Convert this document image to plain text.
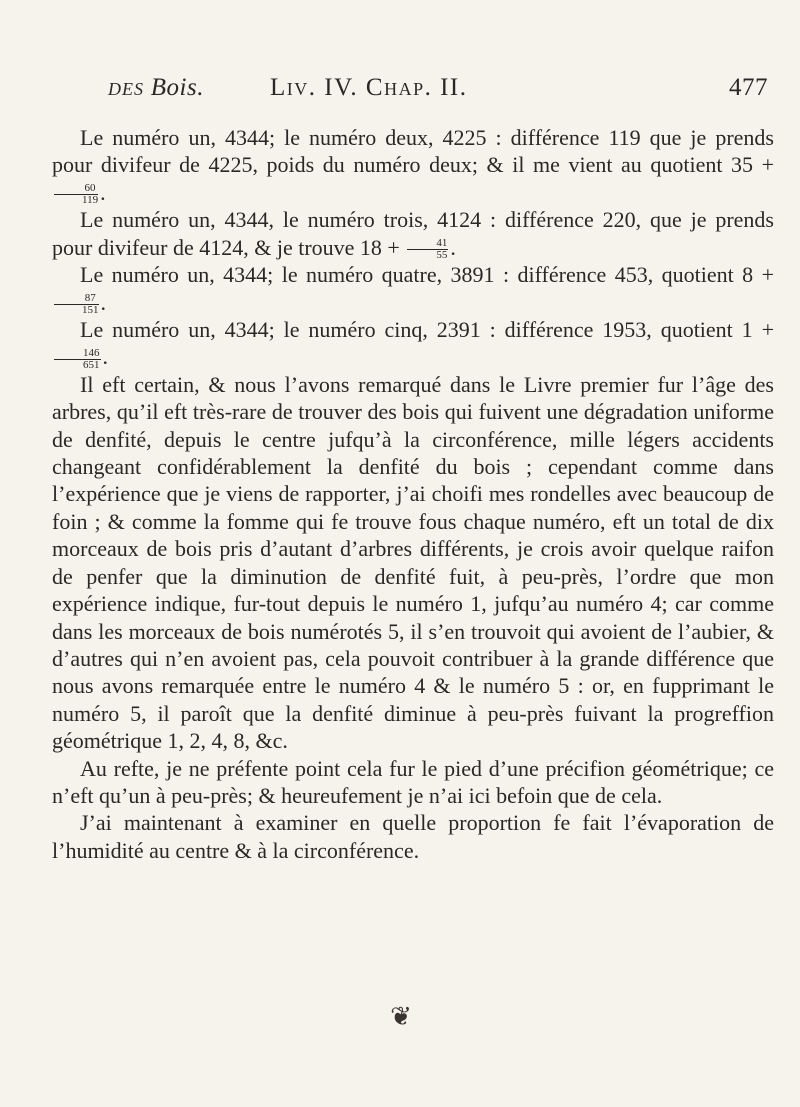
DES Bois.	Liv. IV. Chap. II.	477

Le numéro un, 4344; le numéro deux, 4225 : différence 119 que je prends pour divifeur de 4225, poids du numéro deux; & il me vient au quotient 35 +
$\frac{60}{119}$ .

Le numéro un, 4344, le numéro trois, 4124 : différence 220, que je prends pour divifeur de 4124, & je trouve $18 + \frac{41}{55}$ .

Le numéro un, 4344; le numéro quatre, 3891 : différence 453, quotient 8 +
$\frac{87}{151}$ .

Le numéro un, 4344; le numéro cinq, 2391 : différence 1953, quotient 1 +
$\frac{146}{651}$ .

Il eft certain, & nous l’avons remarqué dans le Livre premier fur l’âge des arbres, qu’il eft très-rare de trouver des bois qui fuivent une dégradation uniforme de denfité, depuis le centre jufqu’à la circonférence, mille légers accidents changeant confidérablement la denfité du bois ; cependant comme dans l’expérience que je viens de rapporter, j’ai choifi mes rondelles avec beaucoup de foin ; & comme la fomme qui fe trouve fous chaque numéro, eft un total de dix morceaux de bois pris d’autant d’arbres différents, je crois avoir quelque raifon de penfer que la diminution de denfité fuit, à peu-près, l’ordre que mon expérience indique, fur-tout depuis le numéro 1, jufqu’au numéro 4; car comme dans les morceaux de bois numérotés 5, il s’en trouvoit qui avoient de l’aubier, & d’autres qui n’en avoient pas, cela pouvoit contribuer à la grande différence que nous avons remarquée entre le numéro 4 & le numéro 5 : or, en fupprimant le numéro 5, il paroît que la denfité diminue à peu-près fuivant la progreffion géométrique 1, 2, 4, 8, &c.

Au refte, je ne préfente point cela fur le pied d’une précifion géométrique; ce n’eft qu’un à peu-près; & heureufement je n’ai ici befoin que de cela.

J’ai maintenant à examiner en quelle proportion fe fait l’évaporation de l’humidité au centre & à la circonférence.

❦
